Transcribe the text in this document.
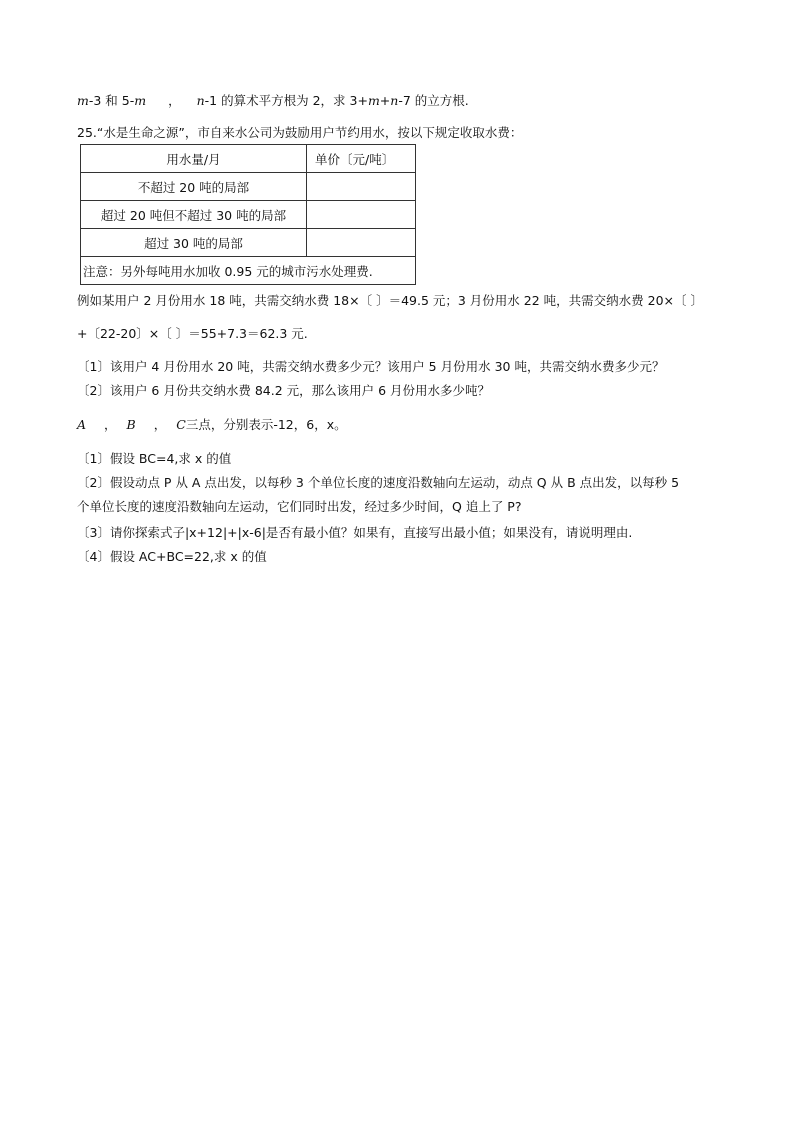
m-3 和 5-m ， n-1 的算术平方根为 2，求 3+m+n-7 的立方根.
25.“水是生命之源”，市自来水公司为鼓励用户节约用水，按以下规定收取水费：
用水量/月	单价〔元/吨〕
不超过 20 吨的局部	
超过 20 吨但不超过 30 吨的局部	
超过 30 吨的局部	
注意：另外每吨用水加收 0.95 元的城市污水处理费.	
例如某用户 2 月份用水 18 吨，共需交纳水费 18×〔 〕＝49.5 元；3 月份用水 22 吨，共需交纳水费 20×〔 〕
+〔22-20〕×〔 〕＝55+7.3＝62.3 元.
〔1〕该用户 4 月份用水 20 吨，共需交纳水费多少元？该用户 5 月份用水 30 吨，共需交纳水费多少元？
〔2〕该用户 6 月份共交纳水费 84.2 元，那么该用户 6 月份用水多少吨？
A ， B ， C三点，分别表示-12，6，x。
〔1〕假设 BC=4,求 x 的值
〔2〕假设动点 P 从 A 点出发，以每秒 3 个单位长度的速度沿数轴向左运动，动点 Q 从 B 点出发，以每秒 5
个单位长度的速度沿数轴向左运动，它们同时出发，经过多少时间，Q 追上了 P?
〔3〕请你探索式子|x+12|+|x-6|是否有最小值？如果有，直接写出最小值；如果没有，请说明理由.
〔4〕假设 AC+BC=22,求 x 的值
